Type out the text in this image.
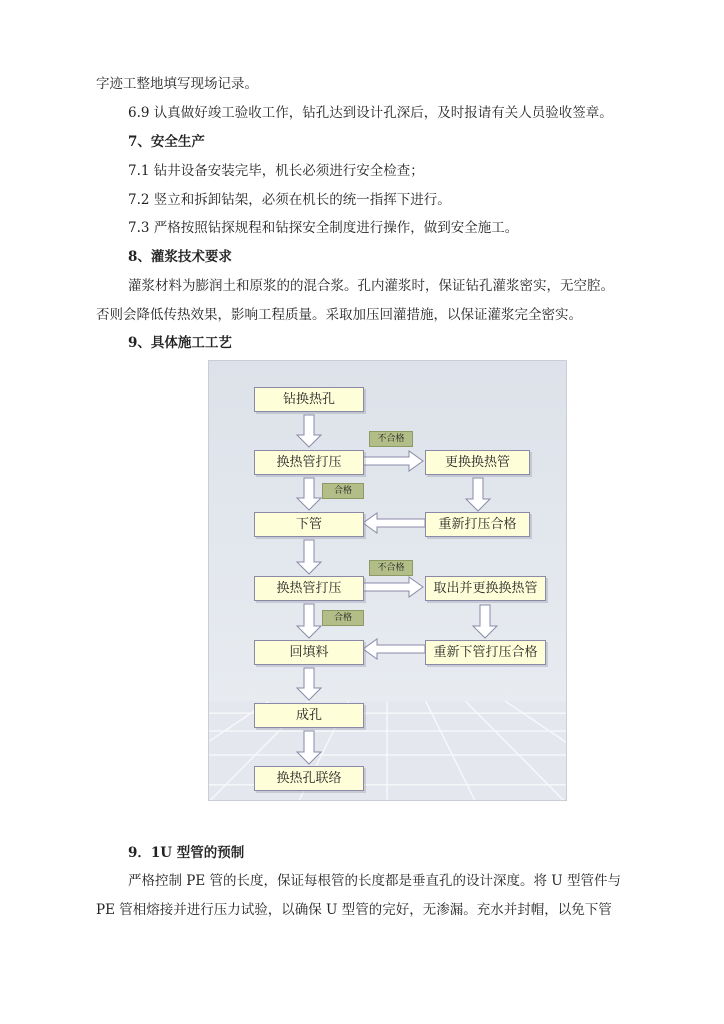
字迹工整地填写现场记录。
6.9 认真做好竣工验收工作，钻孔达到设计孔深后，及时报请有关人员验收签章。
7、安全生产
7.1 钻井设备安装完毕，机长必须进行安全检查；
7.2 竖立和拆卸钻架，必须在机长的统一指挥下进行。
7.3 严格按照钻探规程和钻探安全制度进行操作，做到安全施工。
8、灌浆技术要求
灌浆材料为膨润土和原浆的的混合浆。孔内灌浆时，保证钻孔灌浆密实，无空腔。
否则会降低传热效果，影响工程质量。采取加压回灌措施，以保证灌浆完全密实。
9、具体施工工艺
钻换热孔
换热管打压	更换换热管
下管	重新打压合格
换热管打压	取出并更换换热管
回填料	重新下管打压合格
成孔
换热孔联络
不合格
合格
不合格
合格
9．1U 型管的预制
严格控制 PE 管的长度，保证每根管的长度都是垂直孔的设计深度。将 U 型管件与
PE 管相熔接并进行压力试验，以确保 U 型管的完好，无渗漏。充水并封帽，以免下管
